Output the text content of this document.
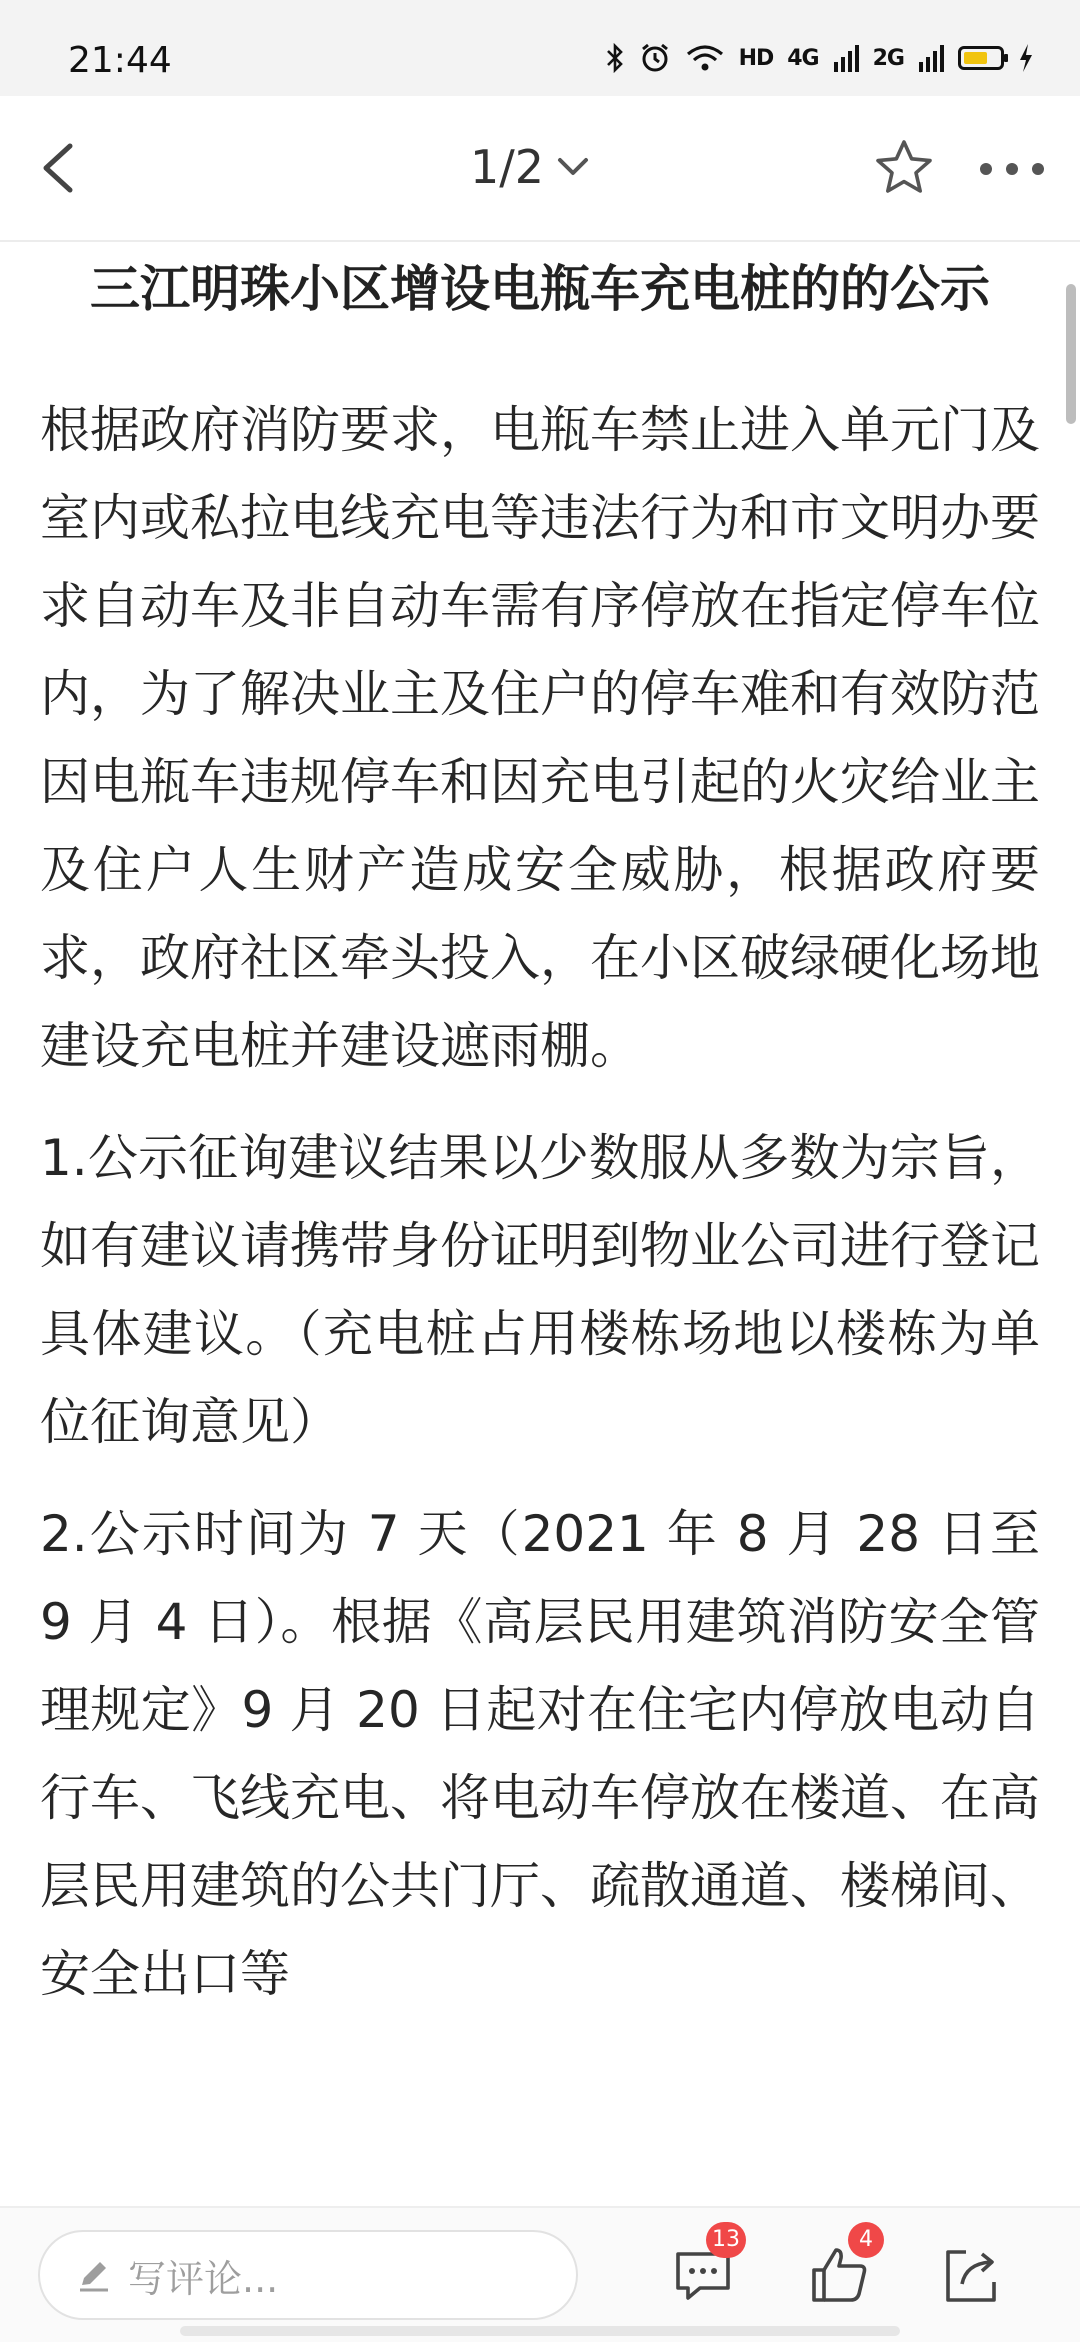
21:44	HD 4G 2G
1/2
三江明珠小区增设电瓶车充电桩的的公示

根据政府消防要求，电瓶车禁止进入单元门及室内或私拉电线充电等违法行为和市文明办要求自动车及非自动车需有序停放在指定停车位内，为了解决业主及住户的停车难和有效防范因电瓶车违规停车和因充电引起的火灾给业主及住户人生财产造成安全威胁，根据政府要求，政府社区牵头投入，在小区破绿硬化场地建设充电桩并建设遮雨棚。

1.公示征询建议结果以少数服从多数为宗旨，如有建议请携带身份证明到物业公司进行登记具体建议。（充电桩占用楼栋场地以楼栋为单位征询意见）

2.公示时间为 7 天（2021 年 8 月 28 日至 9 月 4 日）。根据《高层民用建筑消防安全管理规定》9 月 20 日起对在住宅内停放电动自行车、飞线充电、将电动车停放在楼道、在高层民用建筑的公共门厅、疏散通道、楼梯间、安全出口等

写评论...
13	4
